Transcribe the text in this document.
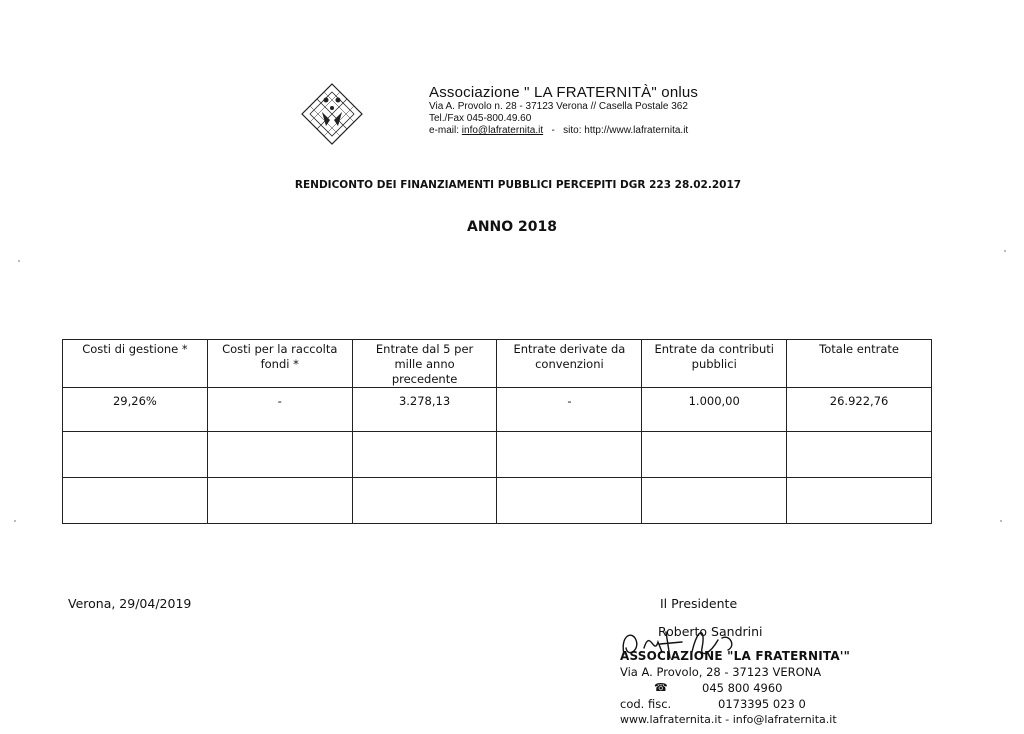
Associazione " LA FRATERNITÀ" onlus
Via A. Provolo n. 28 - 37123 Verona // Casella Postale 362
Tel./Fax 045-800.49.60
e-mail: info@lafraternita.it - sito: http://www.lafraternita.it
RENDICONTO DEI FINANZIAMENTI PUBBLICI PERCEPITI DGR 223 28.02.2017
ANNO 2018
Costi di gestione *	Costi per la raccolta fondi *	Entrate dal 5 per mille anno precedente	Entrate derivate da convenzioni	Entrate da contributi pubblici	Totale entrate
29,26%	-	3.278,13	-	1.000,00	26.922,76

Verona, 29/04/2019	Il Presidente
Roberto Sandrini
ASSOCIAZIONE "LA FRATERNITA'"
Via A. Provolo, 28 - 37123 VERONA
☎	045 800 4960
cod. fisc.	0173395 023 0
www.lafraternita.it - info@lafraternita.it
